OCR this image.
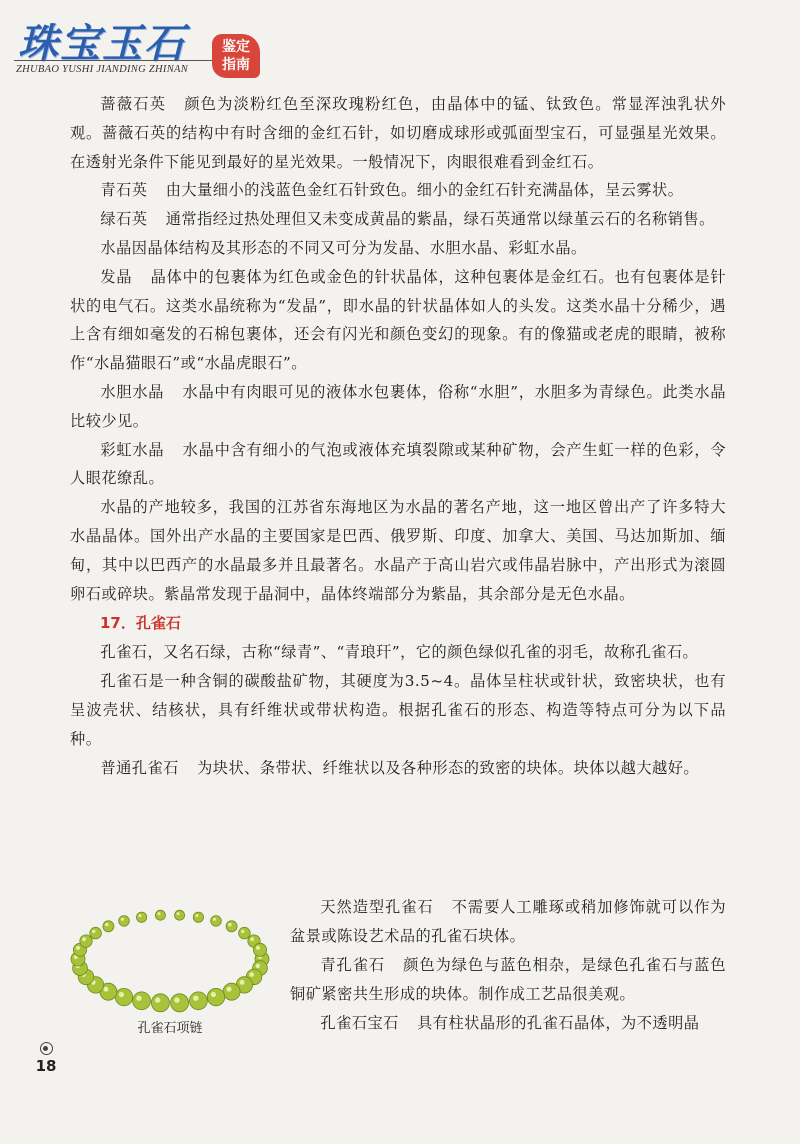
珠宝玉石
ZHUBAO YUSHI JIANDING ZHINAN
鉴定
指南

蔷薇石英 颜色为淡粉红色至深玫瑰粉红色，由晶体中的锰、钛致色。常显浑浊乳状外观。蔷薇石英的结构中有时含细的金红石针，如切磨成球形或弧面型宝石，可显强星光效果。在透射光条件下能见到最好的星光效果。一般情况下，肉眼很难看到金红石。

青石英 由大量细小的浅蓝色金红石针致色。细小的金红石针充满晶体，呈云雾状。

绿石英 通常指经过热处理但又未变成黄晶的紫晶，绿石英通常以绿堇云石的名称销售。

水晶因晶体结构及其形态的不同又可分为发晶、水胆水晶、彩虹水晶。

发晶 晶体中的包裹体为红色或金色的针状晶体，这种包裹体是金红石。也有包裹体是针状的电气石。这类水晶统称为“发晶”，即水晶的针状晶体如人的头发。这类水晶十分稀少，遇上含有细如毫发的石棉包裹体，还会有闪光和颜色变幻的现象。有的像猫或老虎的眼睛，被称作“水晶猫眼石”或“水晶虎眼石”。

水胆水晶 水晶中有肉眼可见的液体水包裹体，俗称“水胆”，水胆多为青绿色。此类水晶比较少见。

彩虹水晶 水晶中含有细小的气泡或液体充填裂隙或某种矿物，会产生虹一样的色彩，令人眼花缭乱。

水晶的产地较多，我国的江苏省东海地区为水晶的著名产地，这一地区曾出产了许多特大水晶晶体。国外出产水晶的主要国家是巴西、俄罗斯、印度、加拿大、美国、马达加斯加、缅甸，其中以巴西产的水晶最多并且最著名。水晶产于高山岩穴或伟晶岩脉中，产出形式为滚圆卵石或碎块。紫晶常发现于晶洞中，晶体终端部分为紫晶，其余部分是无色水晶。

17．孔雀石

孔雀石，又名石绿，古称“绿青”、“青琅玕”，它的颜色绿似孔雀的羽毛，故称孔雀石。

孔雀石是一种含铜的碳酸盐矿物，其硬度为3.5~4。晶体呈柱状或针状，致密块状，也有呈波壳状、结核状，具有纤维状或带状构造。根据孔雀石的形态、构造等特点可分为以下品种。

普通孔雀石 为块状、条带状、纤维状以及各种形态的致密的块体。块体以越大越好。

天然造型孔雀石 不需要人工雕琢或稍加修饰就可以作为盆景或陈设艺术品的孔雀石块体。

青孔雀石 颜色为绿色与蓝色相杂，是绿色孔雀石与蓝色铜矿紧密共生形成的块体。制作成工艺品很美观。

孔雀石宝石 具有柱状晶形的孔雀石晶体，为不透明晶

孔雀石项链
18
